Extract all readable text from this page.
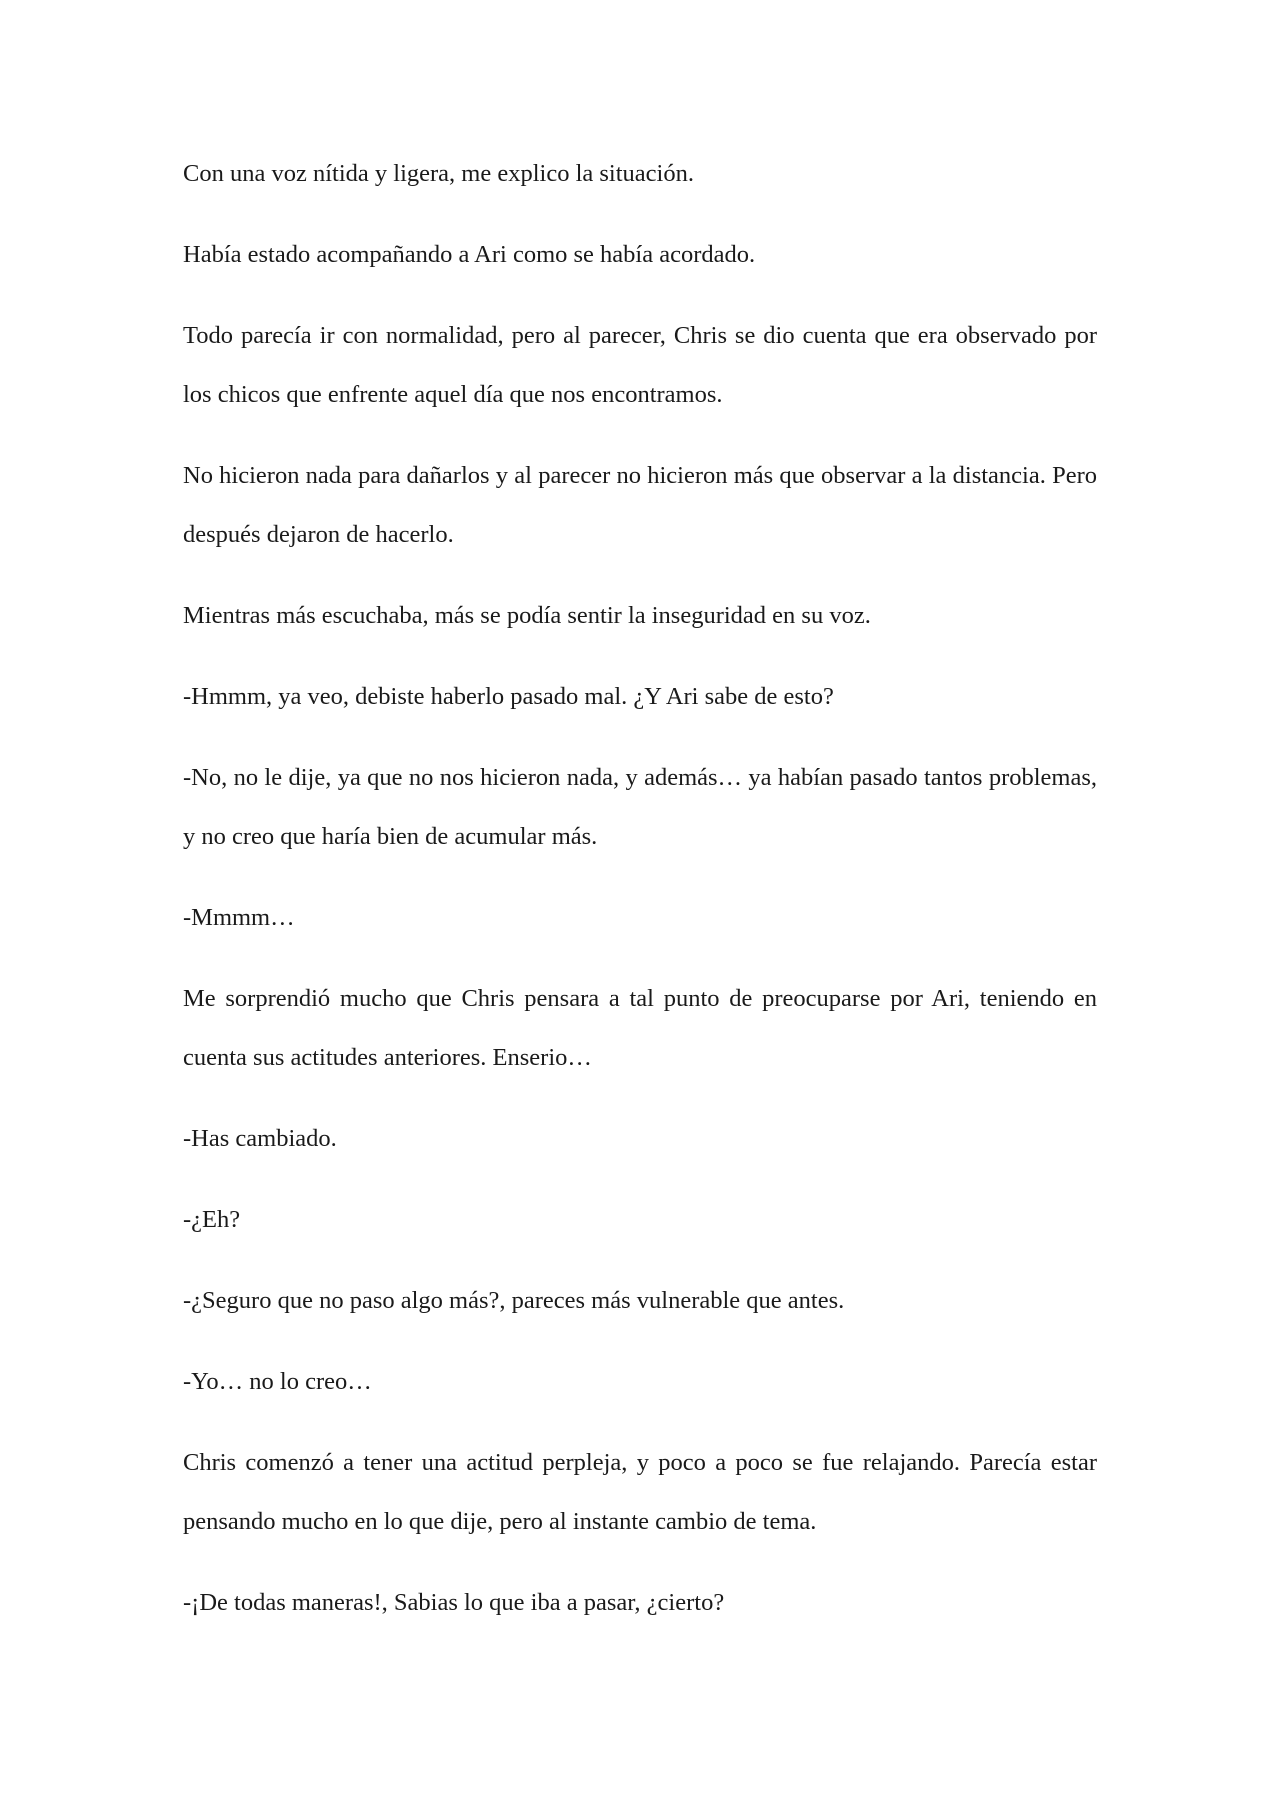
Con una voz nítida y ligera, me explico la situación.

Había estado acompañando a Ari como se había acordado.

Todo parecía ir con normalidad, pero al parecer, Chris se dio cuenta que era observado por los chicos que enfrente aquel día que nos encontramos.

No hicieron nada para dañarlos y al parecer no hicieron más que observar a la distancia. Pero después dejaron de hacerlo.

Mientras más escuchaba, más se podía sentir la inseguridad en su voz.

-Hmmm, ya veo, debiste haberlo pasado mal. ¿Y Ari sabe de esto?

-No, no le dije, ya que no nos hicieron nada, y además… ya habían pasado tantos problemas, y no creo que haría bien de acumular más.

-Mmmm…

Me sorprendió mucho que Chris pensara a tal punto de preocuparse por Ari, teniendo en cuenta sus actitudes anteriores. Enserio…

-Has cambiado.

-¿Eh?

-¿Seguro que no paso algo más?, pareces más vulnerable que antes.

-Yo… no lo creo…

Chris comenzó a tener una actitud perpleja, y poco a poco se fue relajando. Parecía estar pensando mucho en lo que dije, pero al instante cambio de tema.

-¡De todas maneras!, Sabias lo que iba a pasar, ¿cierto?
